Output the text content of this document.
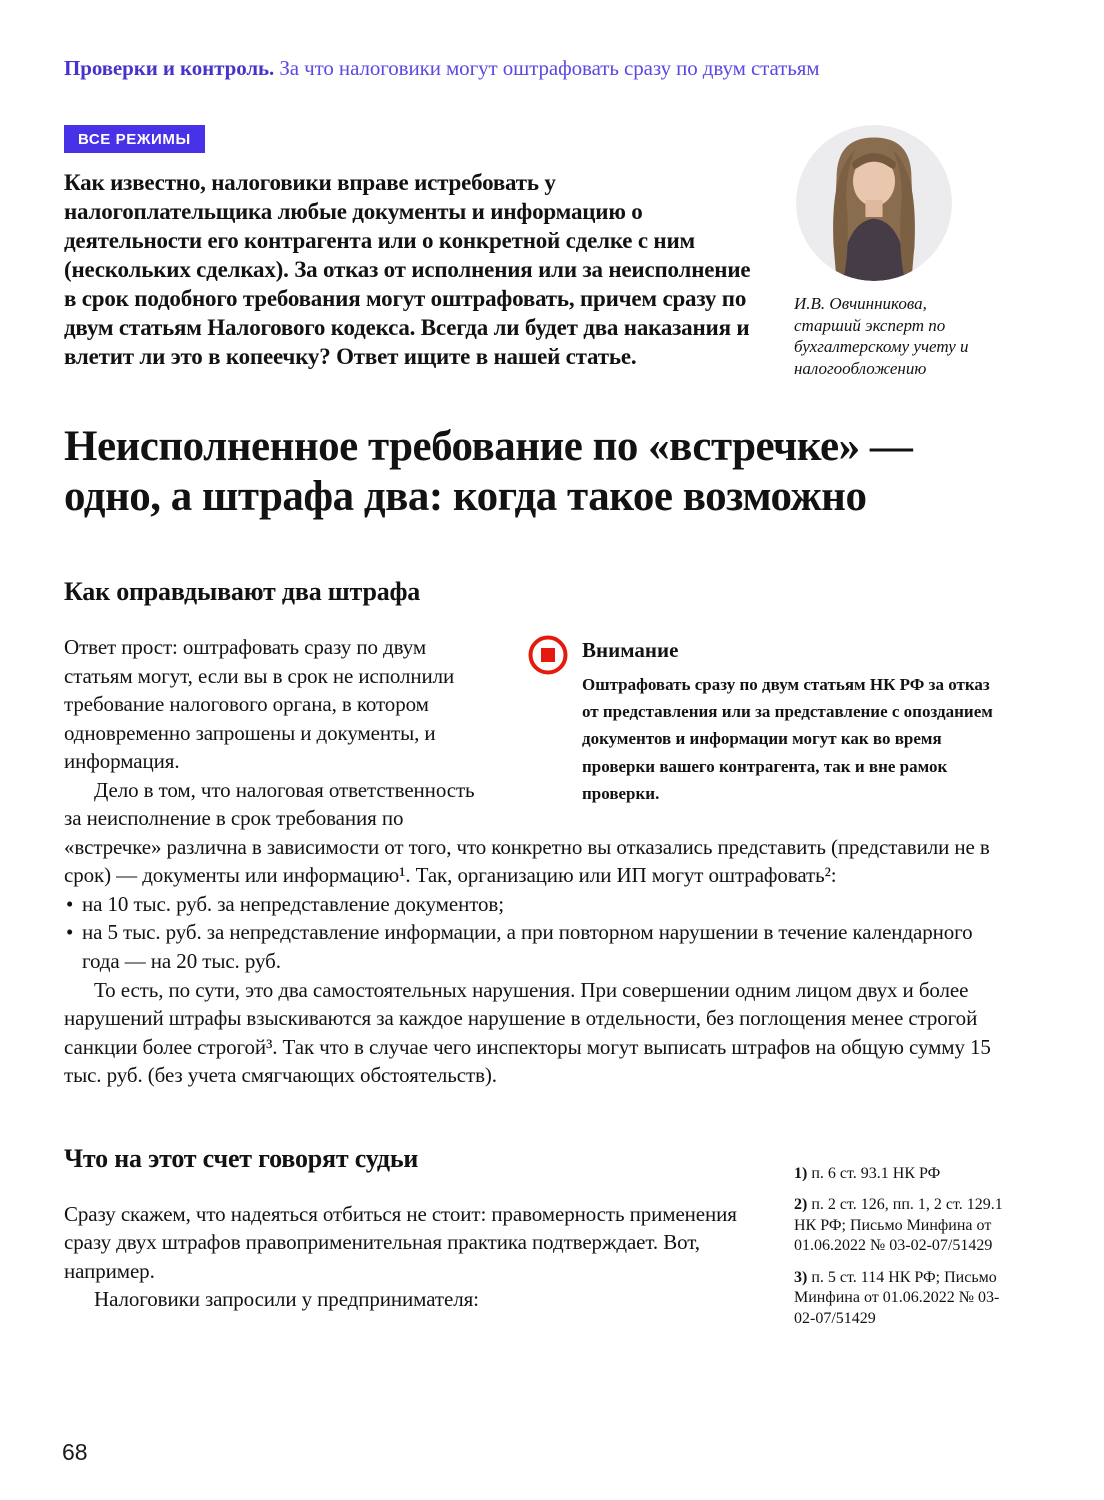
Проверки и контроль. За что налоговики могут оштрафовать сразу по двум статьям
ВСЕ РЕЖИМЫ
Как известно, налоговики вправе истребовать у налогоплательщика любые документы и информацию о деятельности его контрагента или о конкретной сделке с ним (нескольких сделках). За отказ от исполнения или за неисполнение в срок подобного требования могут оштрафовать, причем сразу по двум статьям Налогового кодекса. Всегда ли будет два наказания и влетит ли это в копеечку? Ответ ищите в нашей статье.
И.В. Овчинникова,
старший эксперт по бухгалтерскому учету и налогообложению
Неисполненное требование по «встречке» — одно, а штрафа два: когда такое возможно
Как оправдывают два штрафа
Внимание
Оштрафовать сразу по двум статьям НК РФ за отказ от представления или за представление с опозданием документов и информации могут как во время проверки вашего контрагента, так и вне рамок проверки.

Ответ прост: оштрафовать сразу по двум статьям могут, если вы в срок не исполнили требование налогового органа, в котором одновременно запрошены и документы, и информация.

Дело в том, что налоговая ответственность за неисполнение в срок требования по «встречке» различна в зависимости от того, что конкретно вы отказались представить (представили не в срок) — документы или информацию¹. Так, организацию или ИП могут оштрафовать²:

• на 10 тыс. руб. за непредставление документов;
• на 5 тыс. руб. за непредставление информации, а при повторном нарушении в течение календарного года — на 20 тыс. руб.

То есть, по сути, это два самостоятельных нарушения. При совершении одним лицом двух и более нарушений штрафы взыскиваются за каждое нарушение в отдельности, без поглощения менее строгой санкции более строгой³. Так что в случае чего инспекторы могут выписать штрафов на общую сумму 15 тыс. руб. (без учета смягчающих обстоятельств).

Что на этот счет говорят судьи

Сразу скажем, что надеяться отбиться не стоит: правомерность применения сразу двух штрафов правоприменительная практика подтверждает. Вот, например.

Налоговики запросили у предпринимателя:

1) п. 6 ст. 93.1 НК РФ
2) п. 2 ст. 126, пп. 1, 2 ст. 129.1 НК РФ; Письмо Минфина от 01.06.2022 № 03-02-07/51429
3) п. 5 ст. 114 НК РФ; Письмо Минфина от 01.06.2022 № 03-02-07/51429
68
